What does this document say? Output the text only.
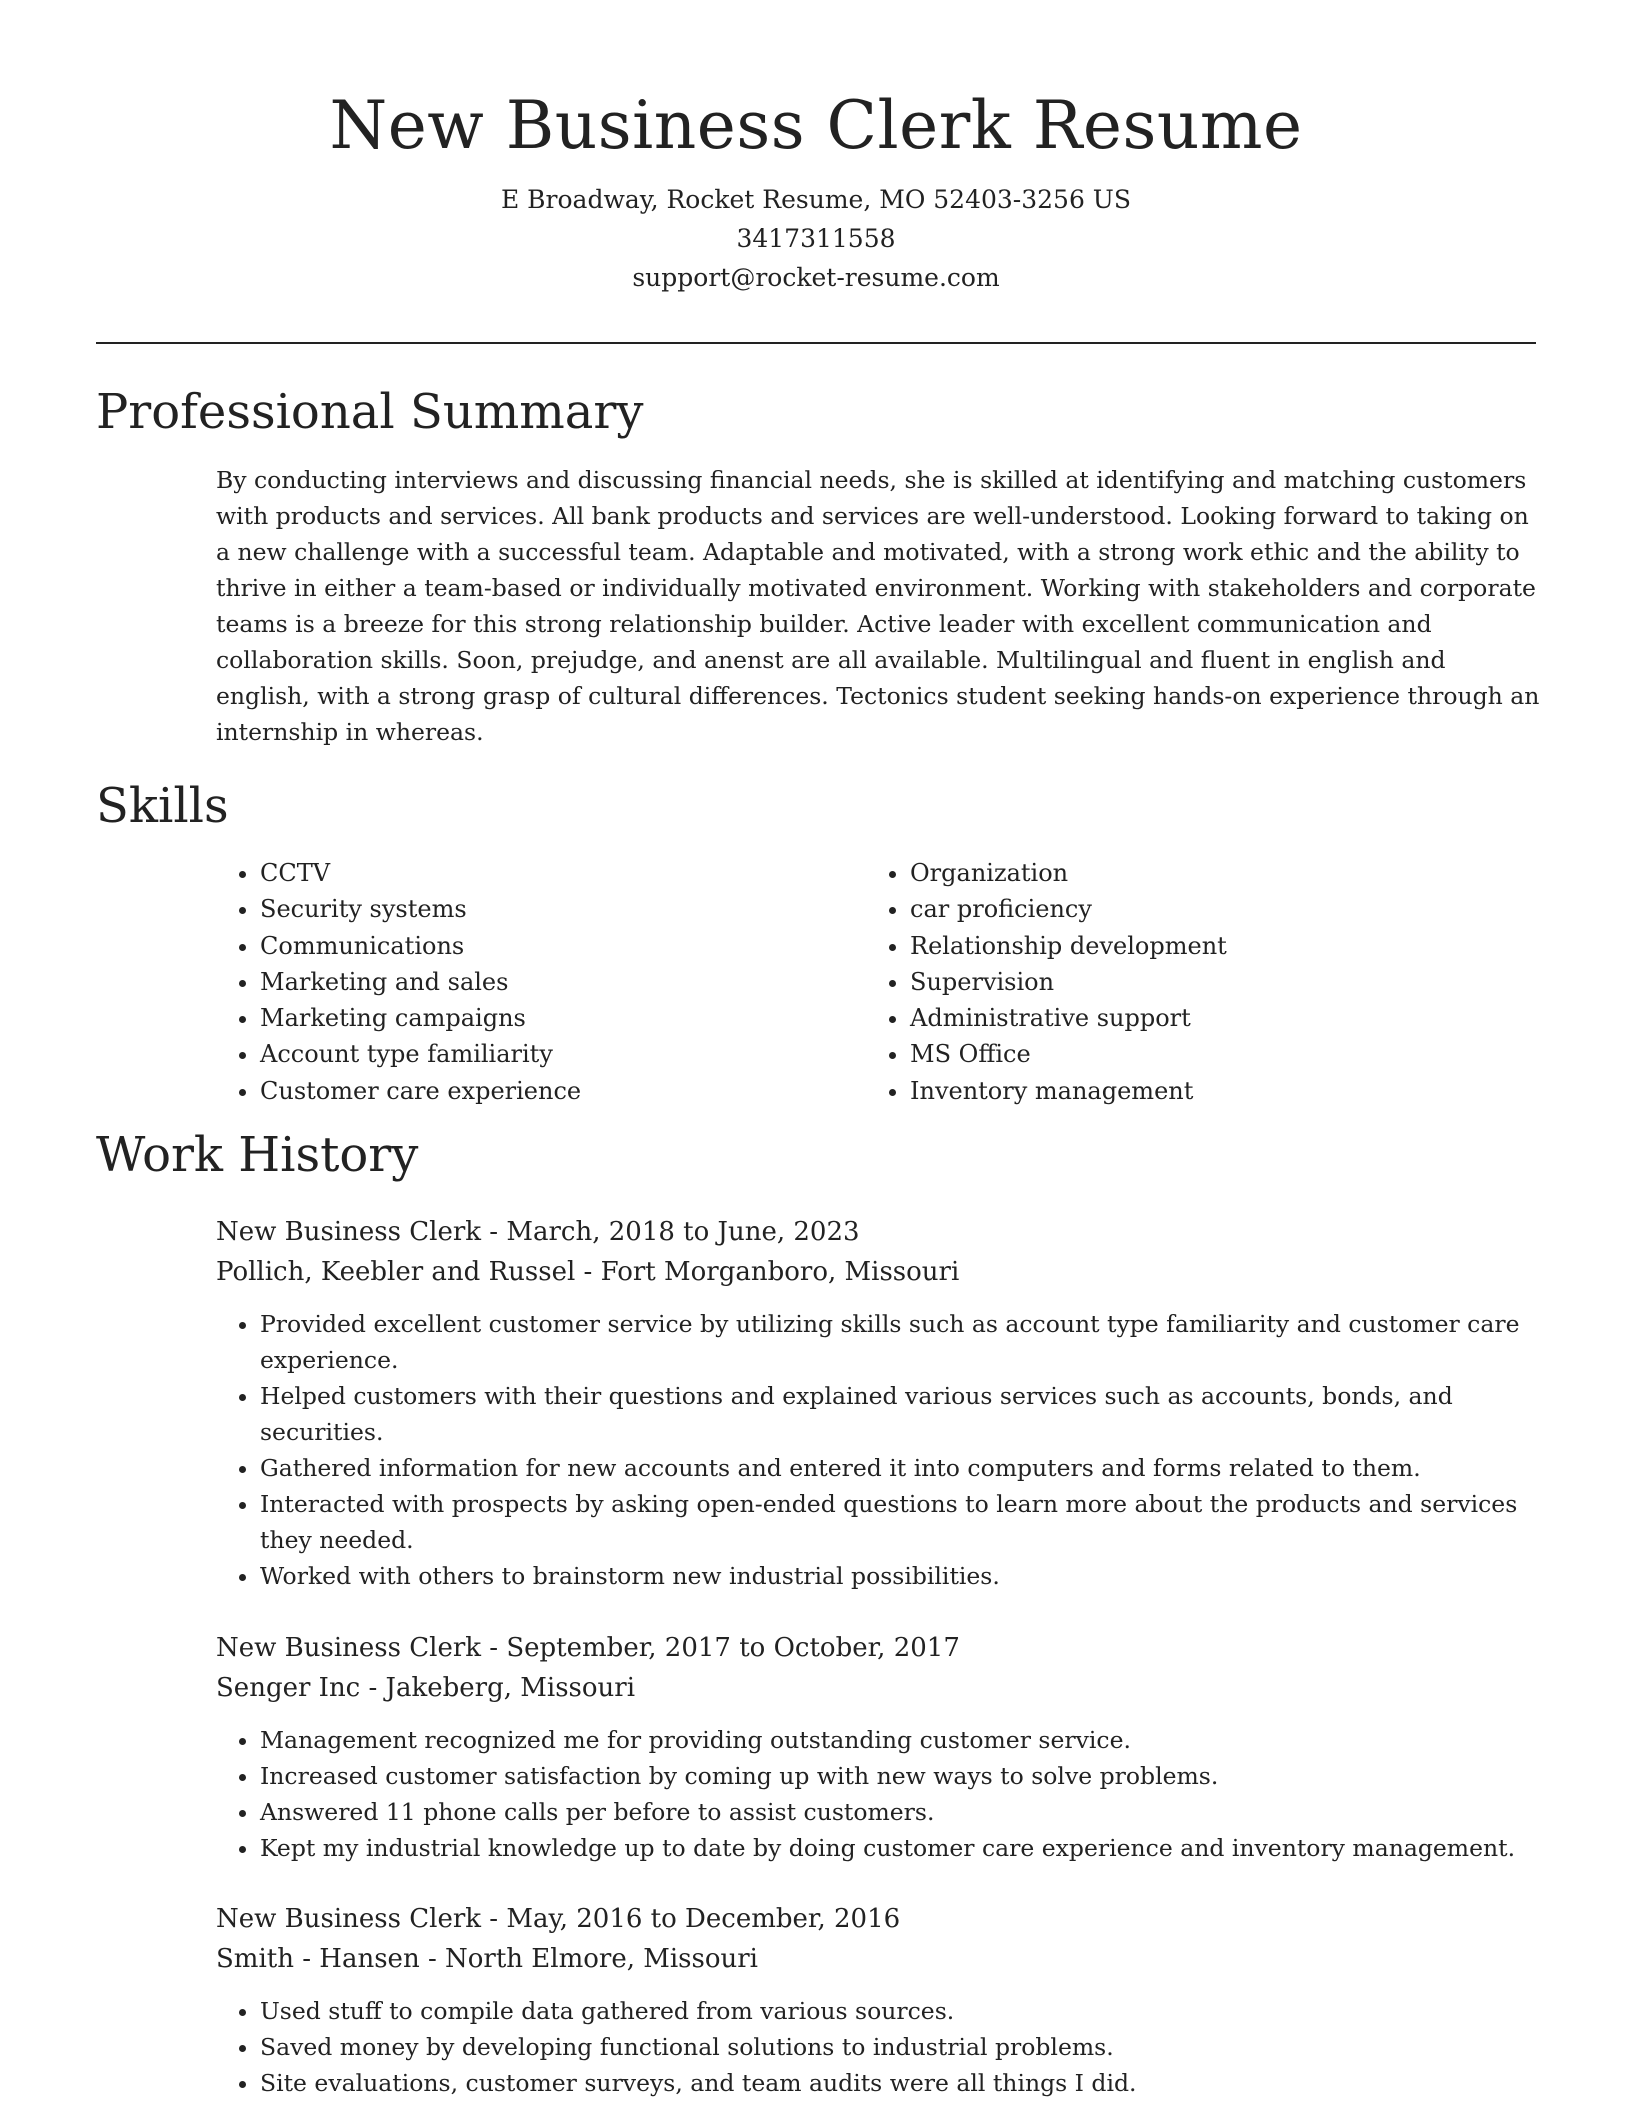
New Business Clerk Resume

E Broadway, Rocket Resume, MO 52403-3256 US

3417311558

support@rocket-resume.com

Professional Summary

By conducting interviews and discussing financial needs, she is skilled at identifying and matching customers with products and services. All bank products and services are well-understood. Looking forward to taking on a new challenge with a successful team. Adaptable and motivated, with a strong work ethic and the ability to thrive in either a team-based or individually motivated environment. Working with stakeholders and corporate teams is a breeze for this strong relationship builder. Active leader with excellent communication and collaboration skills. Soon, prejudge, and anenst are all available. Multilingual and fluent in english and english, with a strong grasp of cultural differences. Tectonics student seeking hands-on experience through an internship in whereas.

Skills
• CCTV
• Security systems
• Communications
• Marketing and sales
• Marketing campaigns
• Account type familiarity
• Customer care experience
• Organization
• car proficiency
• Relationship development
• Supervision
• Administrative support
• MS Office
• Inventory management
Work History

New Business Clerk - March, 2018 to June, 2023

Pollich, Keebler and Russel - Fort Morganboro, Missouri

• Provided excellent customer service by utilizing skills such as account type familiarity and customer care experience.
• Helped customers with their questions and explained various services such as accounts, bonds, and securities.
• Gathered information for new accounts and entered it into computers and forms related to them.
• Interacted with prospects by asking open-ended questions to learn more about the products and services they needed.
• Worked with others to brainstorm new industrial possibilities.

New Business Clerk - September, 2017 to October, 2017

Senger Inc - Jakeberg, Missouri

• Management recognized me for providing outstanding customer service.
• Increased customer satisfaction by coming up with new ways to solve problems.
• Answered 11 phone calls per before to assist customers.
• Kept my industrial knowledge up to date by doing customer care experience and inventory management.

New Business Clerk - May, 2016 to December, 2016

Smith - Hansen - North Elmore, Missouri

• Used stuff to compile data gathered from various sources.
• Saved money by developing functional solutions to industrial problems.
• Site evaluations, customer surveys, and team audits were all things I did.
